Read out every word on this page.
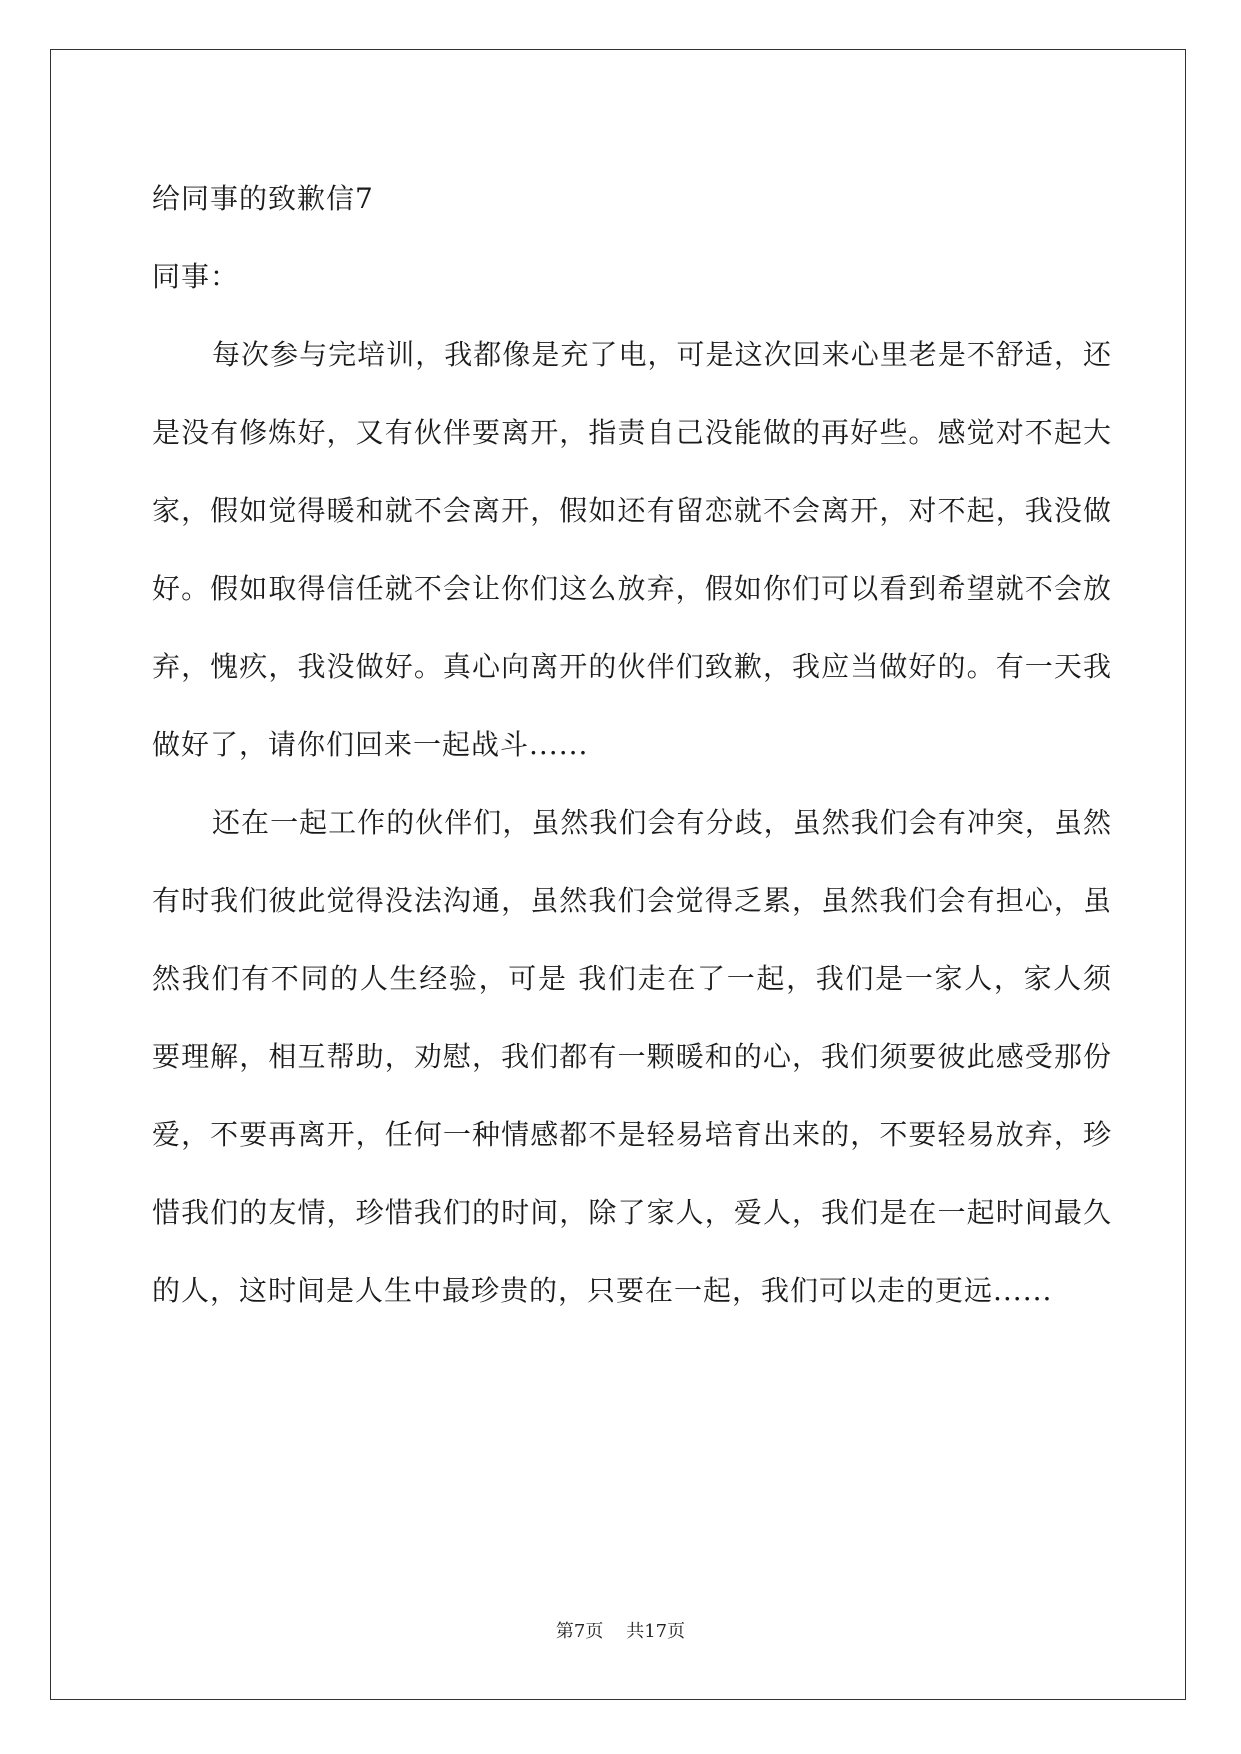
给同事的致歉信7
同事：

每次参与完培训，我都像是充了电，可是这次回来心里老是不舒适，还是没有修炼好，又有伙伴要离开，指责自己没能做的再好些。感觉对不起大家，假如觉得暖和就不会离开，假如还有留恋就不会离开，对不起，我没做好。假如取得信任就不会让你们这么放弃，假如你们可以看到希望就不会放弃，愧疚，我没做好。真心向离开的伙伴们致歉，我应当做好的。有一天我做好了，请你们回来一起战斗......

还在一起工作的伙伴们，虽然我们会有分歧，虽然我们会有冲突，虽然有时我们彼此觉得没法沟通，虽然我们会觉得乏累，虽然我们会有担心，虽然我们有不同的人生经验，可是 我们走在了一起，我们是一家人，家人须要理解，相互帮助，劝慰，我们都有一颗暖和的心，我们须要彼此感受那份爱，不要再离开，任何一种情感都不是轻易培育出来的，不要轻易放弃，珍惜我们的友情，珍惜我们的时间，除了家人，爱人，我们是在一起时间最久的人，这时间是人生中最珍贵的，只要在一起，我们可以走的更远......

第7页    共17页
